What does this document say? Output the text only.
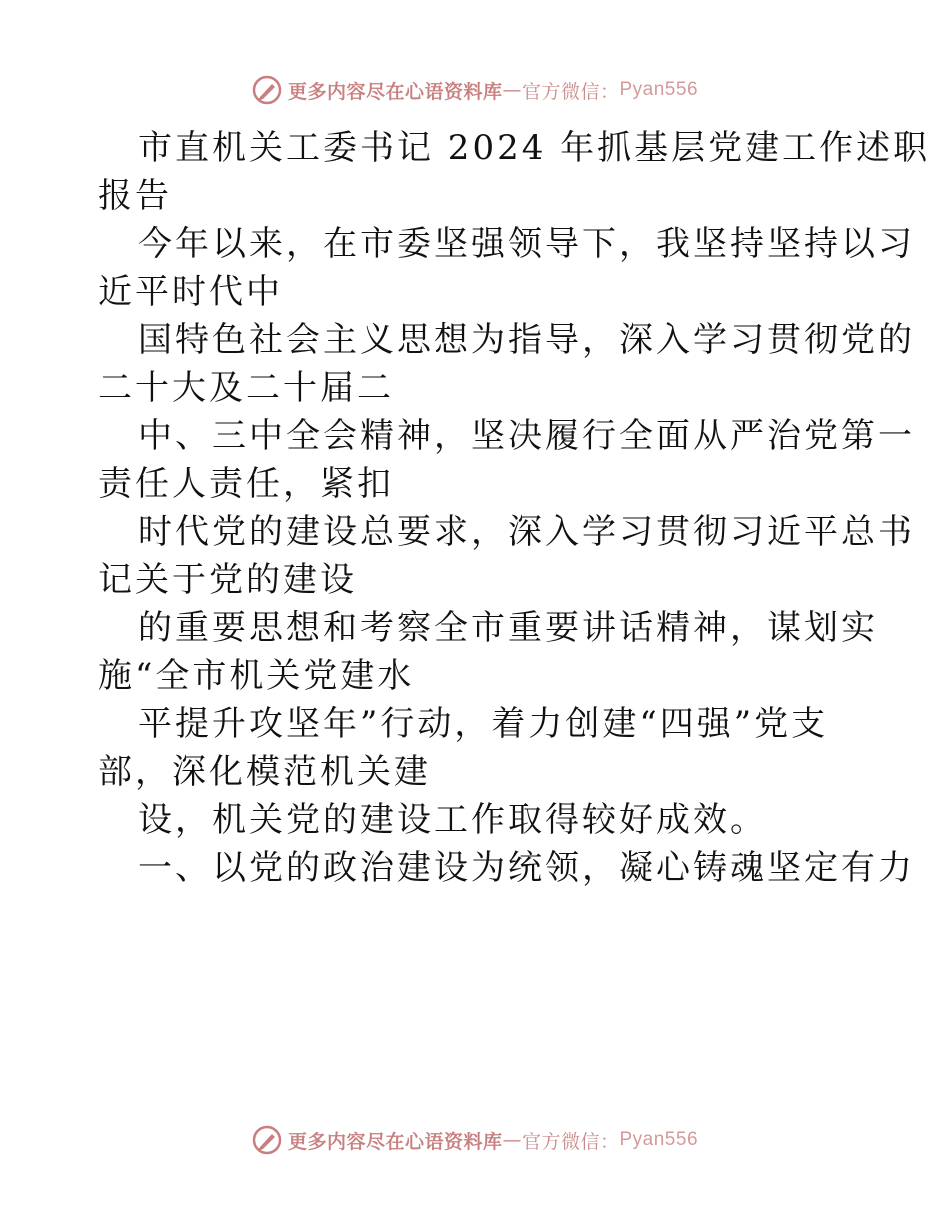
更多内容尽在心语资料库 — 官方微信： Pyan556
市直机关工委书记 2024 年抓基层党建工作述职
报告
今年以来，在市委坚强领导下，我坚持坚持以习
近平时代中
国特色社会主义思想为指导，深入学习贯彻党的
二十大及二十届二
中、三中全会精神，坚决履行全面从严治党第一
责任人责任，紧扣
时代党的建设总要求，深入学习贯彻习近平总书
记关于党的建设
的重要思想和考察全市重要讲话精神，谋划实
施“全市机关党建水
平提升攻坚年”行动，着力创建“四强”党支
部，深化模范机关建
设，机关党的建设工作取得较好成效。
一、以党的政治建设为统领，凝心铸魂坚定有力
更多内容尽在心语资料库 — 官方微信： Pyan556
